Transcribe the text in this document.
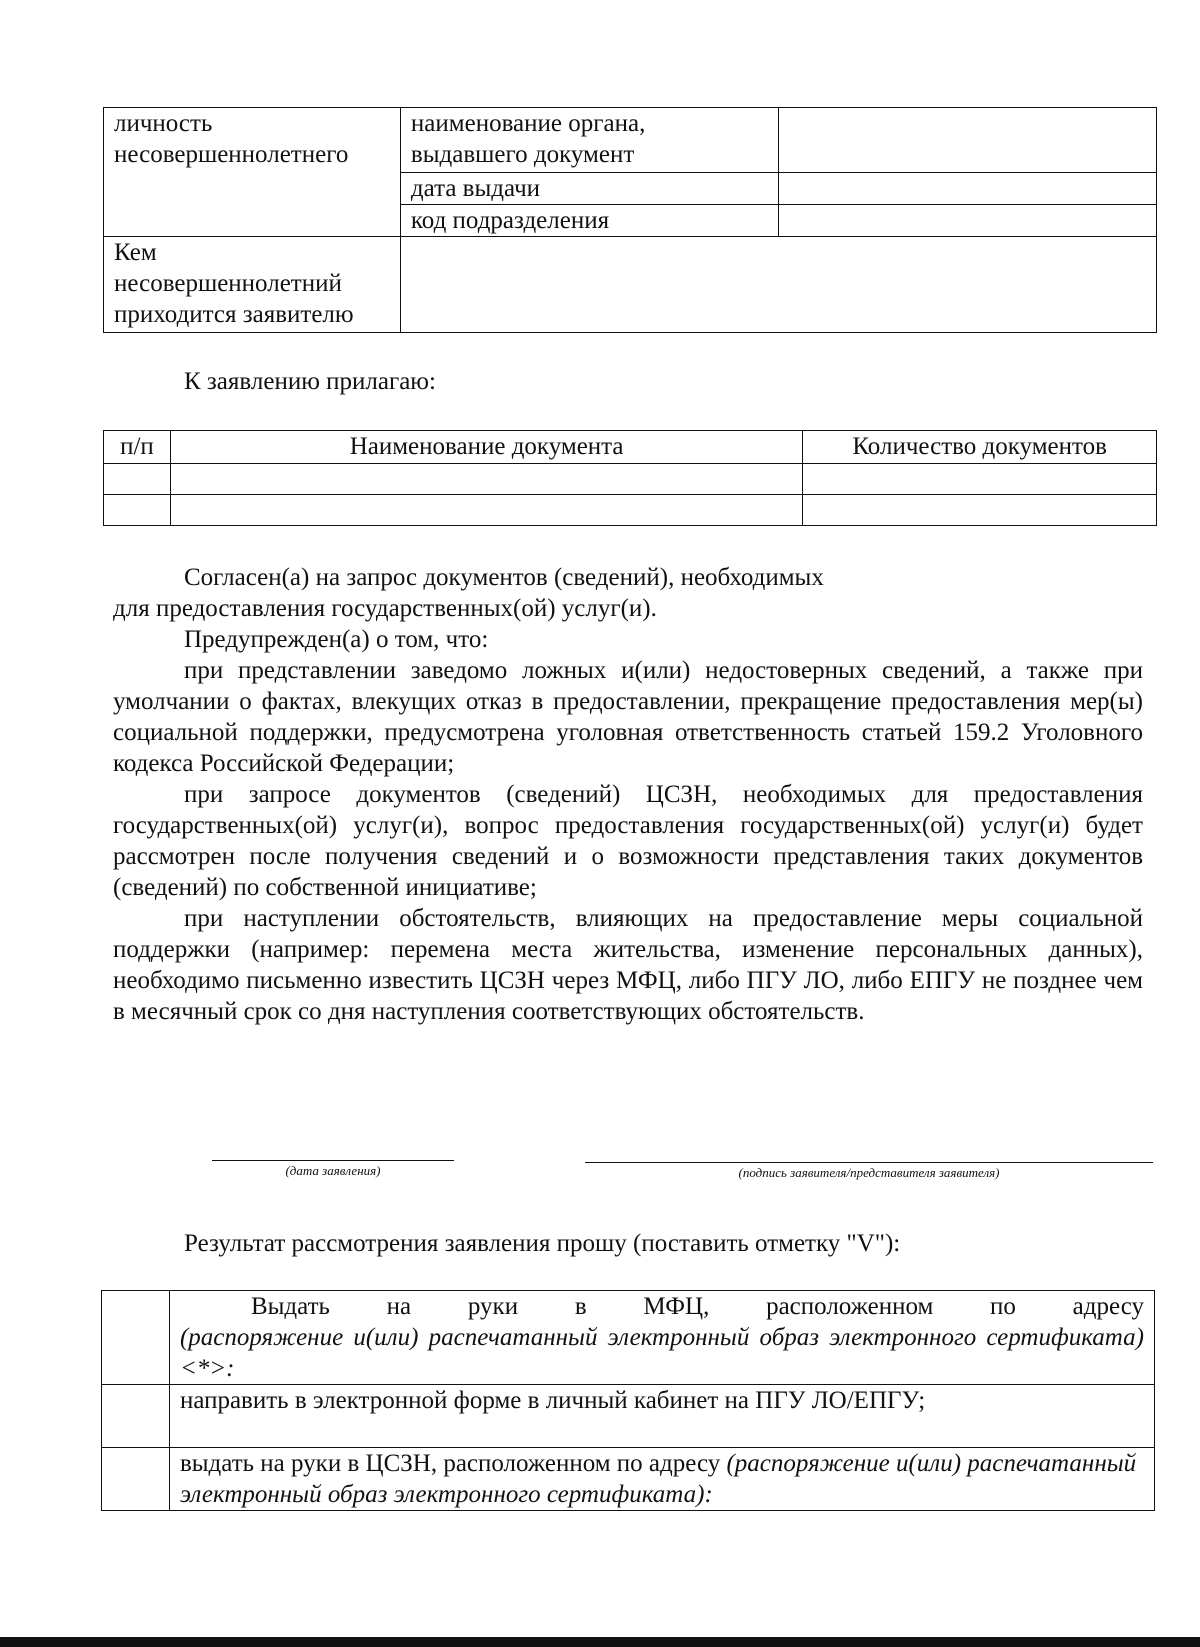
личность несовершеннолетнего	наименование органа, выдавшего документ	
	дата выдачи	
	код подразделения	
Кем несовершеннолетний приходится заявителю		
К заявлению прилагаю:
п/п	Наименование документа	Количество документов

Согласен(а) на запрос документов (сведений), необходимых
для предоставления государственных(ой) услуг(и).
Предупрежден(а) о том, что:

при представлении заведомо ложных и(или) недостоверных сведений, а также при умолчании о фактах, влекущих отказ в предоставлении, прекращение предоставления мер(ы) социальной поддержки, предусмотрена уголовная ответственность статьей 159.2 Уголовного кодекса Российской Федерации;

при запросе документов (сведений) ЦСЗН, необходимых для предоставления государственных(ой) услуг(и), вопрос предоставления государственных(ой) услуг(и) будет рассмотрен после получения сведений и о возможности представления таких документов (сведений) по собственной инициативе;

при наступлении обстоятельств, влияющих на предоставление меры социальной поддержки (например: перемена места жительства, изменение персональных данных), необходимо письменно известить ЦСЗН через МФЦ, либо ПГУ ЛО, либо ЕПГУ не позднее чем в месячный срок со дня наступления соответствующих обстоятельств.

(дата заявления)	(подпись заявителя/представителя заявителя)
Результат рассмотрения заявления прошу (поставить отметку "V"):

	Выдать на руки в МФЦ, расположенном по адресу
(распоряжение и(или) распечатанный электронный образ электронного сертификата) <*>:

	направить в электронной форме в личный кабинет на ПГУ ЛО/ЕПГУ;
	выдать на руки в ЦСЗН, расположенном по адресу (распоряжение и(или) распечатанный электронный образ электронного сертификата):
